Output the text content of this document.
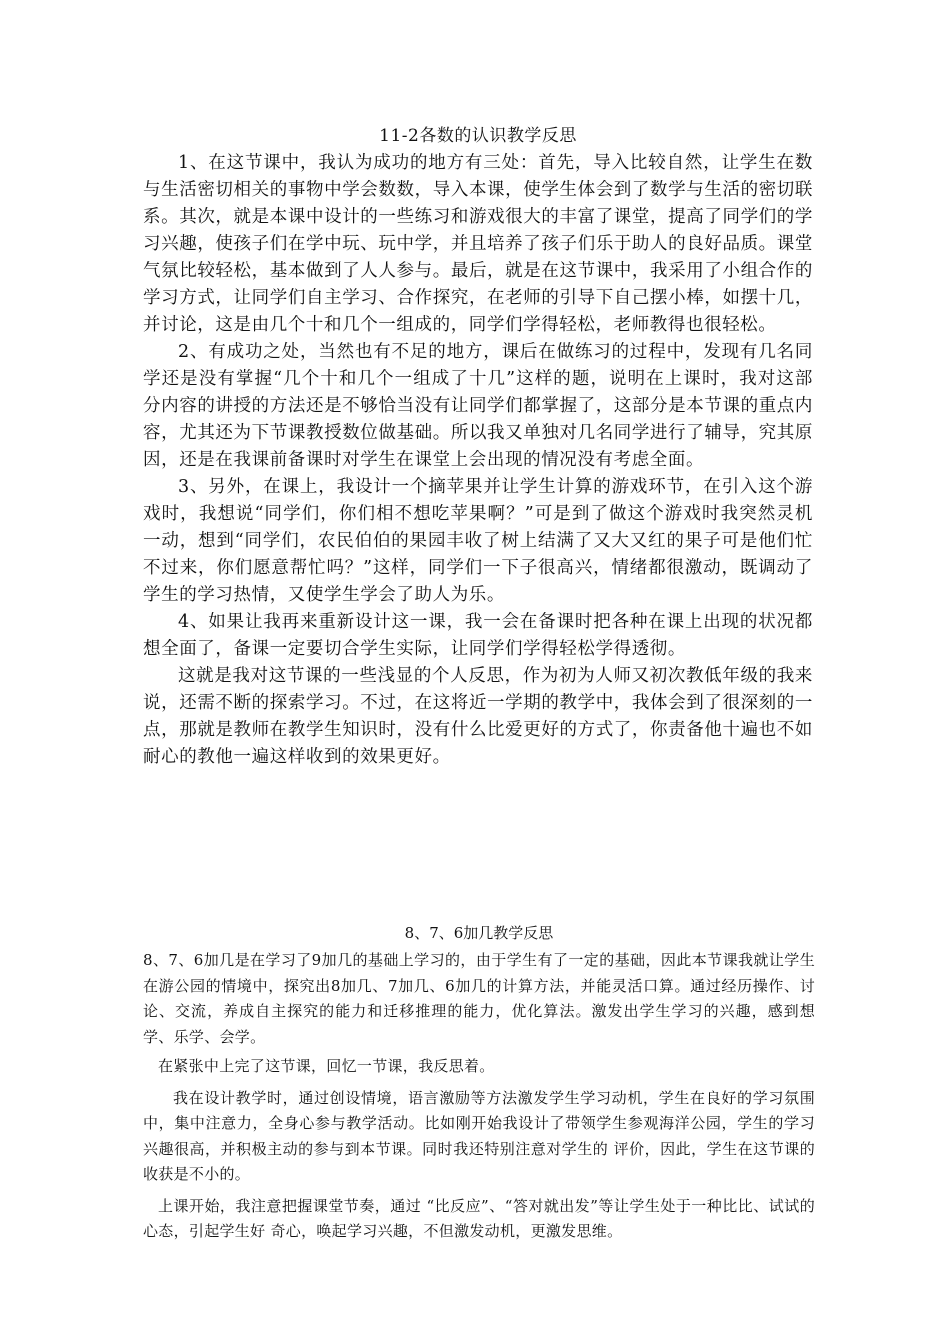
11-2各数的认识教学反思

1、在这节课中，我认为成功的地方有三处：首先，导入比较自然，让学生在数与生活密切相关的事物中学会数数，导入本课，使学生体会到了数学与生活的密切联系。其次，就是本课中设计的一些练习和游戏很大的丰富了课堂，提高了同学们的学习兴趣，使孩子们在学中玩、玩中学，并且培养了孩子们乐于助人的良好品质。课堂气氛比较轻松，基本做到了人人参与。最后，就是在这节课中，我采用了小组合作的学习方式，让同学们自主学习、合作探究，在老师的引导下自己摆小棒，如摆十几，并讨论，这是由几个十和几个一组成的，同学们学得轻松，老师教得也很轻松。

2、有成功之处，当然也有不足的地方，课后在做练习的过程中，发现有几名同学还是没有掌握“几个十和几个一组成了十几”这样的题，说明在上课时，我对这部分内容的讲授的方法还是不够恰当没有让同学们都掌握了，这部分是本节课的重点内容，尤其还为下节课教授数位做基础。所以我又单独对几名同学进行了辅导，究其原因，还是在我课前备课时对学生在课堂上会出现的情况没有考虑全面。

3、另外，在课上，我设计一个摘苹果并让学生计算的游戏环节，在引入这个游戏时，我想说“同学们，你们相不想吃苹果啊？”可是到了做这个游戏时我突然灵机一动，想到“同学们，农民伯伯的果园丰收了树上结满了又大又红的果子可是他们忙不过来，你们愿意帮忙吗？”这样，同学们一下子很高兴，情绪都很激动，既调动了学生的学习热情，又使学生学会了助人为乐。

4、如果让我再来重新设计这一课，我一会在备课时把各种在课上出现的状况都想全面了，备课一定要切合学生实际，让同学们学得轻松学得透彻。

这就是我对这节课的一些浅显的个人反思，作为初为人师又初次教低年级的我来说，还需不断的探索学习。不过，在这将近一学期的教学中，我体会到了很深刻的一点，那就是教师在教学生知识时，没有什么比爱更好的方式了，你责备他十遍也不如耐心的教他一遍这样收到的效果更好。

8、7、6加几教学反思

8、7、6加几是在学习了9加几的基础上学习的，由于学生有了一定的基础，因此本节课我就让学生在游公园的情境中，探究出8加几、7加几、6加几的计算方法，并能灵活口算。通过经历操作、讨论、交流，养成自主探究的能力和迁移推理的能力，优化算法。激发出学生学习的兴趣，感到想学、乐学、会学。

在紧张中上完了这节课，回忆一节课，我反思着。

我在设计教学时，通过创设情境，语言激励等方法激发学生学习动机，学生在良好的学习氛围中，集中注意力，全身心参与教学活动。比如刚开始我设计了带领学生参观海洋公园，学生的学习兴趣很高，并积极主动的参与到本节课。同时我还特别注意对学生的 评价，因此，学生在这节课的收获是不小的。

上课开始，我注意把握课堂节奏，通过 “比反应”、“答对就出发”等让学生处于一种比比、试试的心态，引起学生好 奇心，唤起学习兴趣，不但激发动机，更激发思维。
